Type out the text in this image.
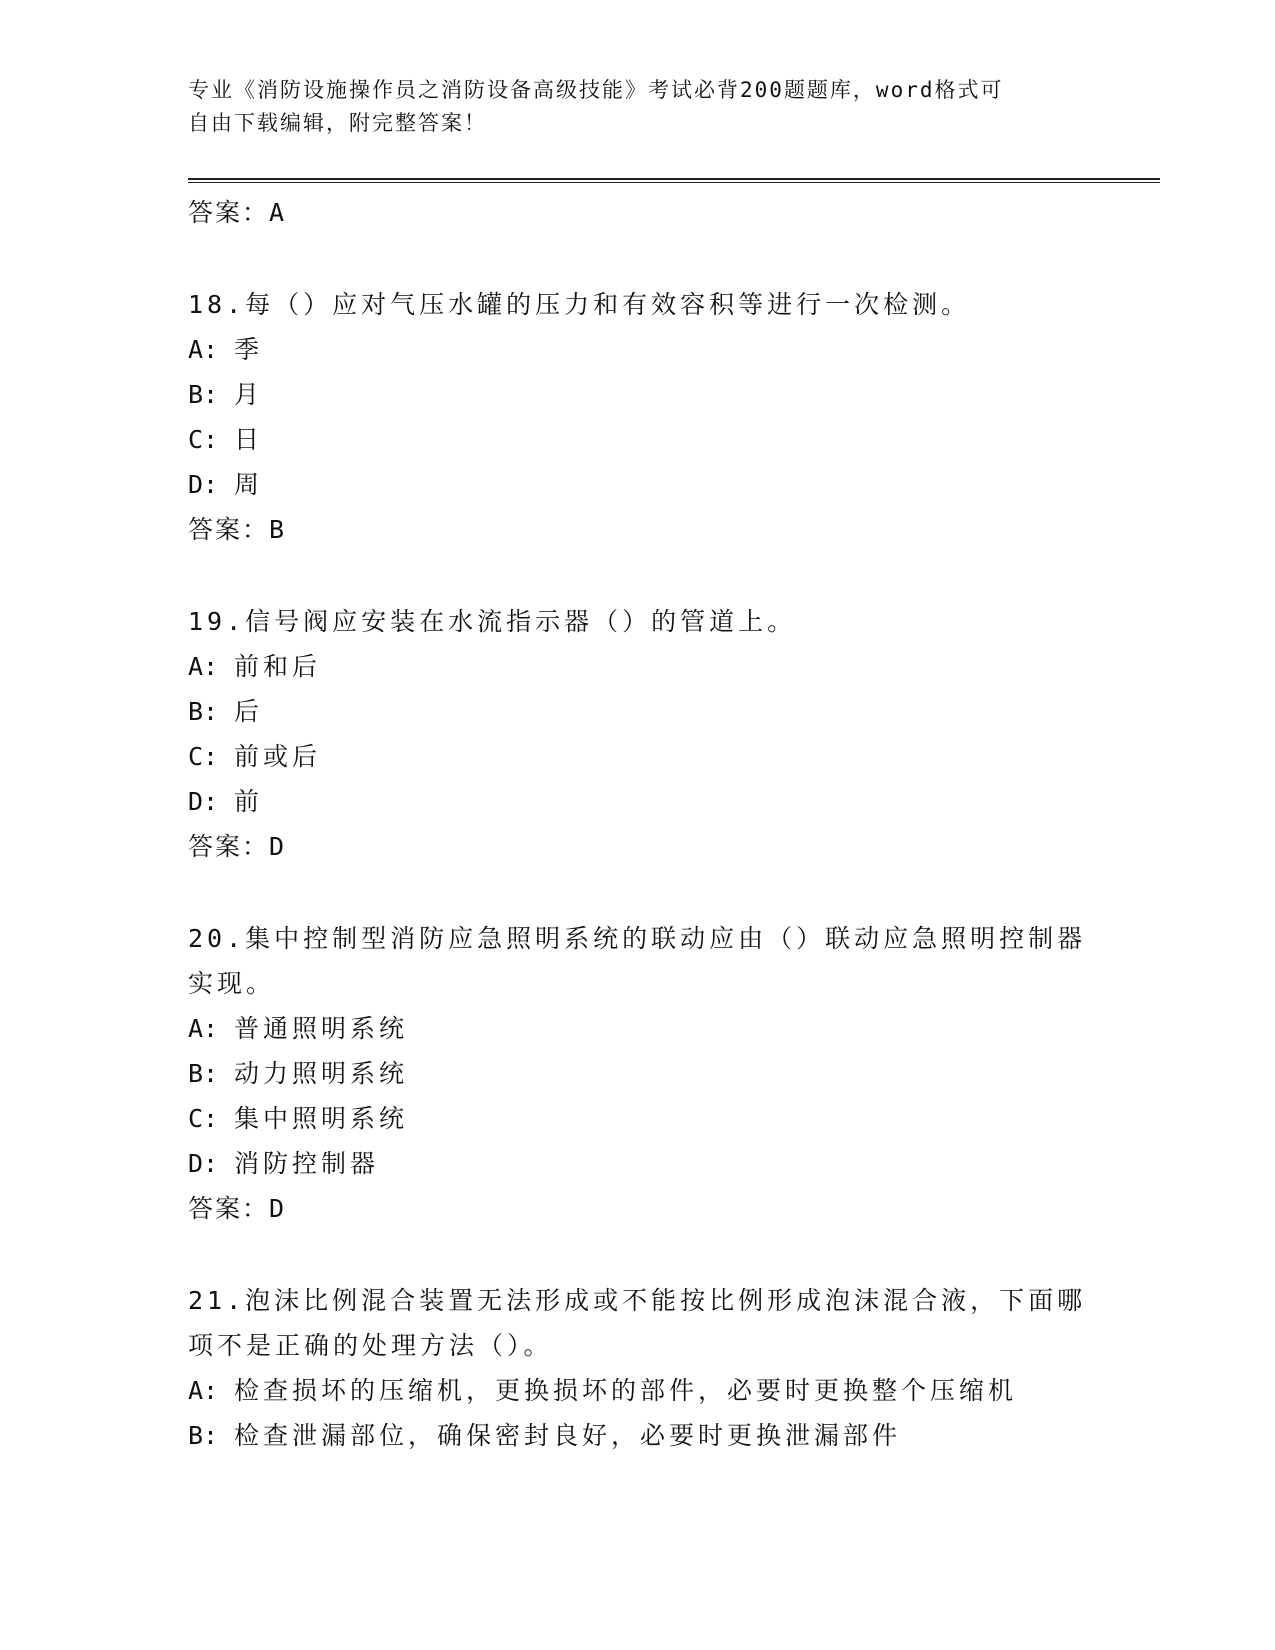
专业《消防设施操作员之消防设备高级技能》考试必背200题题库，word格式可
自由下载编辑，附完整答案！
答案：A
18.每（）应对气压水罐的压力和有效容积等进行一次检测。
A: 季
B: 月
C: 日
D: 周
答案：B
19.信号阀应安装在水流指示器（）的管道上。
A: 前和后
B: 后
C: 前或后
D: 前
答案：D
20.集中控制型消防应急照明系统的联动应由（）联动应急照明控制器
实现。
A: 普通照明系统
B: 动力照明系统
C: 集中照明系统
D: 消防控制器
答案：D
21.泡沫比例混合装置无法形成或不能按比例形成泡沫混合液，下面哪
项不是正确的处理方法（）。
A: 检查损坏的压缩机，更换损坏的部件，必要时更换整个压缩机
B: 检查泄漏部位，确保密封良好，必要时更换泄漏部件
